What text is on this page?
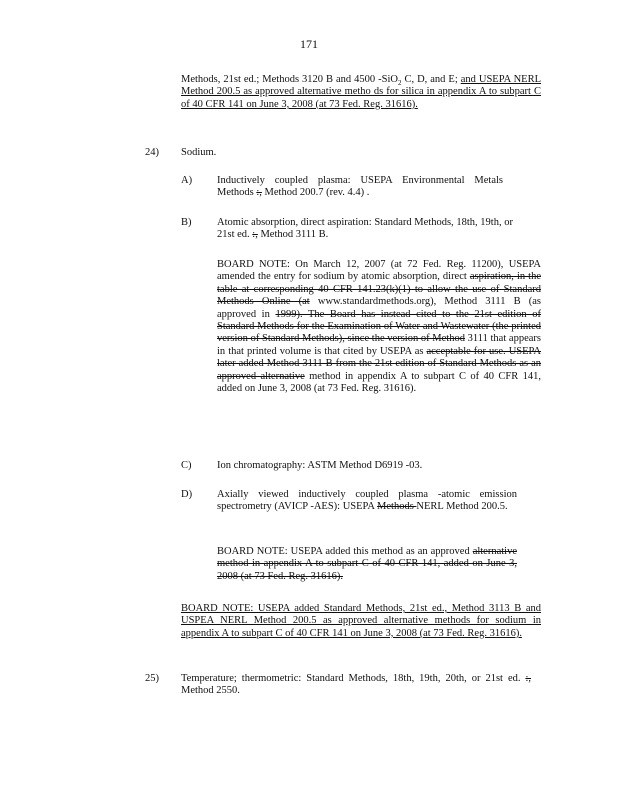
171
Methods, 21st ed.; Methods 3120 B and 4500 -SiO$_2$ C, D, and E; and USEPA NERL Method 200.5 as approved alternative metho ds for silica in appendix A to subpart C of 40 CFR 141 on June 3, 2008 (at 73 Fed. Reg. 31616).
24) Sodium.
A) Inductively coupled plasma: USEPA Environmental Metals Methods :, Method 200.7 (rev. 4.4) .
B) Atomic absorption, direct aspiration: Standard Methods, 18th, 19th, or 21st ed. :, Method 3111 B.
BOARD NOTE: On March 12, 2007 (at 72 Fed. Reg. 11200), USEPA amended the entry for sodium by atomic absorption, direct aspiration, in the table at corresponding 40 CFR 141.23(k)(1) to allow the use of Standard Methods Online (at www.standardmethods.org), Method 3111 B (as approved in 1999). The Board has instead cited to the 21st edition of Standard Methods for the Examination of Water and Wastewater (the printed version of Standard Methods), since the version of Method 3111 that appears in that printed volume is that cited by USEPA as acceptable for use. USEPA later added Method 3111 B from the 21st edition of Standard Methods as an approved alternative method in appendix A to subpart C of 40 CFR 141, added on June 3, 2008 (at 73 Fed. Reg. 31616).
C) Ion chromatography: ASTM Method D6919 -03.
D) Axially viewed inductively coupled plasma -atomic emission spectrometry (AVICP -AES): USEPA Methods NERL Method 200.5.
BOARD NOTE: USEPA added this method as an approved alternative method in appendix A to subpart C of 40 CFR 141, added on June 3, 2008 (at 73 Fed. Reg. 31616).
BOARD NOTE: USEPA added Standard Methods, 21st ed., Method 3113 B and USPEA NERL Method 200.5 as approved alternative methods for sodium in appendix A to subpart C of 40 CFR 141 on June 3, 2008 (at 73 Fed. Reg. 31616).
25) Temperature; thermometric: Standard Methods, 18th, 19th, 20th, or 21st ed. :, Method 2550.
